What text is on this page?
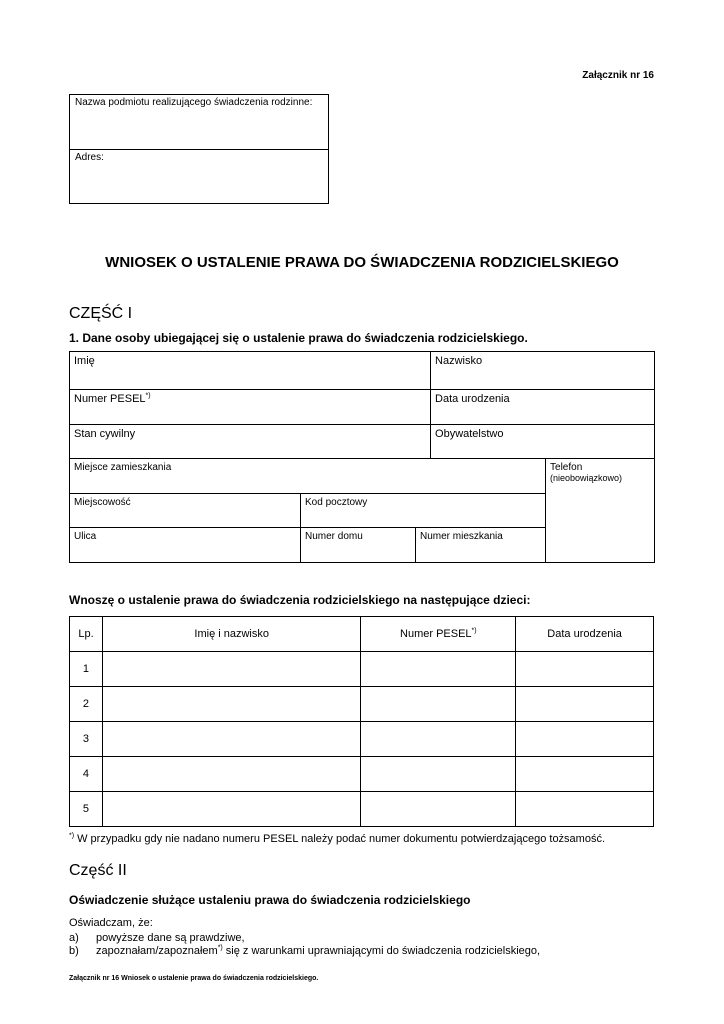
Załącznik nr 16
Nazwa podmiotu realizującego świadczenia rodzinne:
Adres:
WNIOSEK O USTALENIE PRAWA DO ŚWIADCZENIA RODZICIELSKIEGO
CZĘŚĆ I
1. Dane osoby ubiegającej się o ustalenie prawa do świadczenia rodzicielskiego.
Imię			Nazwisko	

Numer PESEL*)			Data urodzenia	

Stan cywilny			Obywatelstwo	

Miejsce zamieszkania				Telefon (nieobowiązkowo)

Miejscowość	Kod pocztowy			

Ulica	Numer domu	Numer mieszkania		
Wnoszę o ustalenie prawa do świadczenia rodzicielskiego na następujące dzieci:
Lp.	Imię i nazwisko	Numer PESEL*)	Data urodzenia
1			
2			
3			
4			
5			
*) W przypadku gdy nie nadano numeru PESEL należy podać numer dokumentu potwierdzającego tożsamość.
Część II
Oświadczenie służące ustaleniu prawa do świadczenia rodzicielskiego
Oświadczam, że:
a) powyższe dane są prawdziwe,
b) zapoznałam/zapoznałem*) się z warunkami uprawniającymi do świadczenia rodzicielskiego,
Załącznik nr 16 Wniosek o ustalenie prawa do świadczenia rodzicielskiego.
